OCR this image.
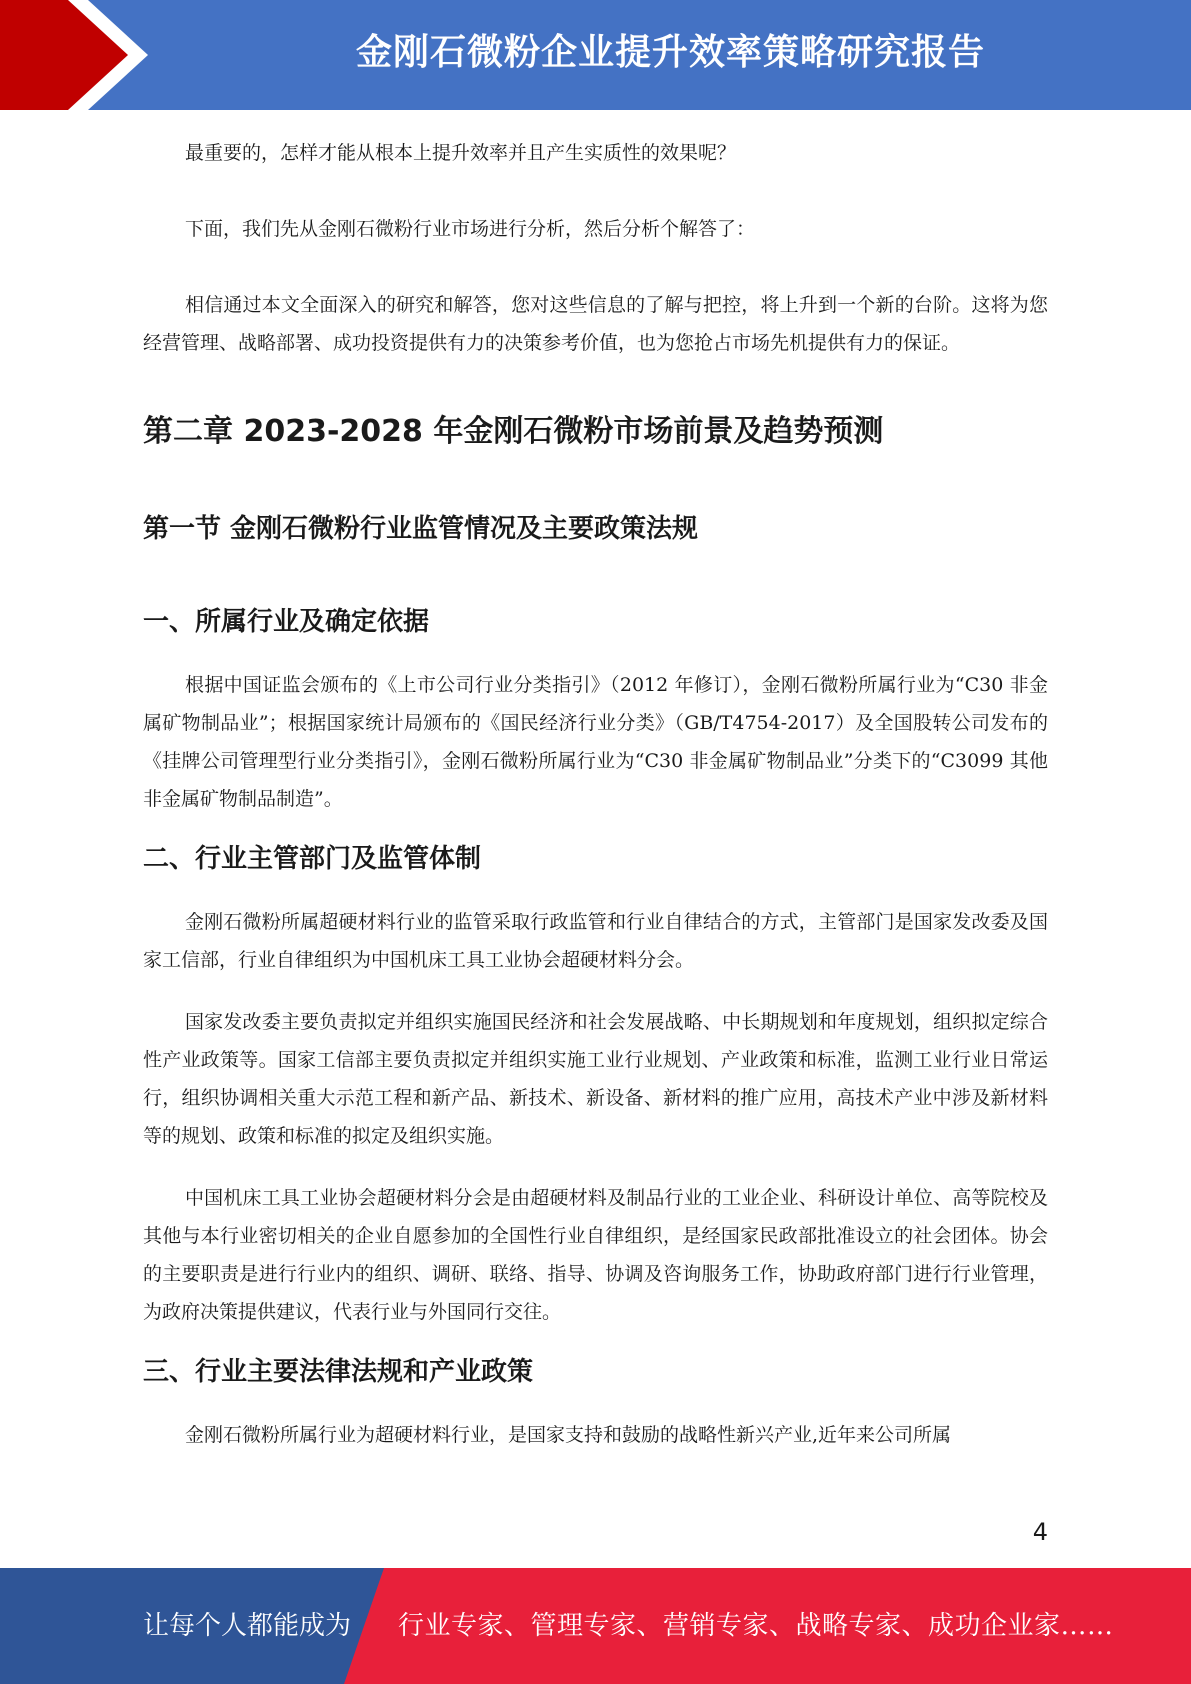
金刚石微粉企业提升效率策略研究报告

最重要的，怎样才能从根本上提升效率并且产生实质性的效果呢？

下面，我们先从金刚石微粉行业市场进行分析，然后分析个解答了：

相信通过本文全面深入的研究和解答，您对这些信息的了解与把控，将上升到一个新的台阶。这将为您经营管理、战略部署、成功投资提供有力的决策参考价值，也为您抢占市场先机提供有力的保证。

第二章 2023-2028 年金刚石微粉市场前景及趋势预测
第一节 金刚石微粉行业监管情况及主要政策法规
一、所属行业及确定依据

根据中国证监会颁布的《上市公司行业分类指引》（2012 年修订），金刚石微粉所属行业为“C30 非金属矿物制品业”；根据国家统计局颁布的《国民经济行业分类》（GB/T4754-2017）及全国股转公司发布的《挂牌公司管理型行业分类指引》，金刚石微粉所属行业为“C30 非金属矿物制品业”分类下的“C3099 其他非金属矿物制品制造”。

二、行业主管部门及监管体制

金刚石微粉所属超硬材料行业的监管采取行政监管和行业自律结合的方式，主管部门是国家发改委及国家工信部，行业自律组织为中国机床工具工业协会超硬材料分会。

国家发改委主要负责拟定并组织实施国民经济和社会发展战略、中长期规划和年度规划，组织拟定综合性产业政策等。国家工信部主要负责拟定并组织实施工业行业规划、产业政策和标准，监测工业行业日常运行，组织协调相关重大示范工程和新产品、新技术、新设备、新材料的推广应用，高技术产业中涉及新材料等的规划、政策和标准的拟定及组织实施。

中国机床工具工业协会超硬材料分会是由超硬材料及制品行业的工业企业、科研设计单位、高等院校及其他与本行业密切相关的企业自愿参加的全国性行业自律组织，是经国家民政部批准设立的社会团体。协会的主要职责是进行行业内的组织、调研、联络、指导、协调及咨询服务工作，协助政府部门进行行业管理，为政府决策提供建议，代表行业与外国同行交往。

三、行业主要法律法规和产业政策

金刚石微粉所属行业为超硬材料行业，是国家支持和鼓励的战略性新兴产业,近年来公司所属

4
让每个人都能成为 行业专家、管理专家、营销专家、战略专家、成功企业家……
